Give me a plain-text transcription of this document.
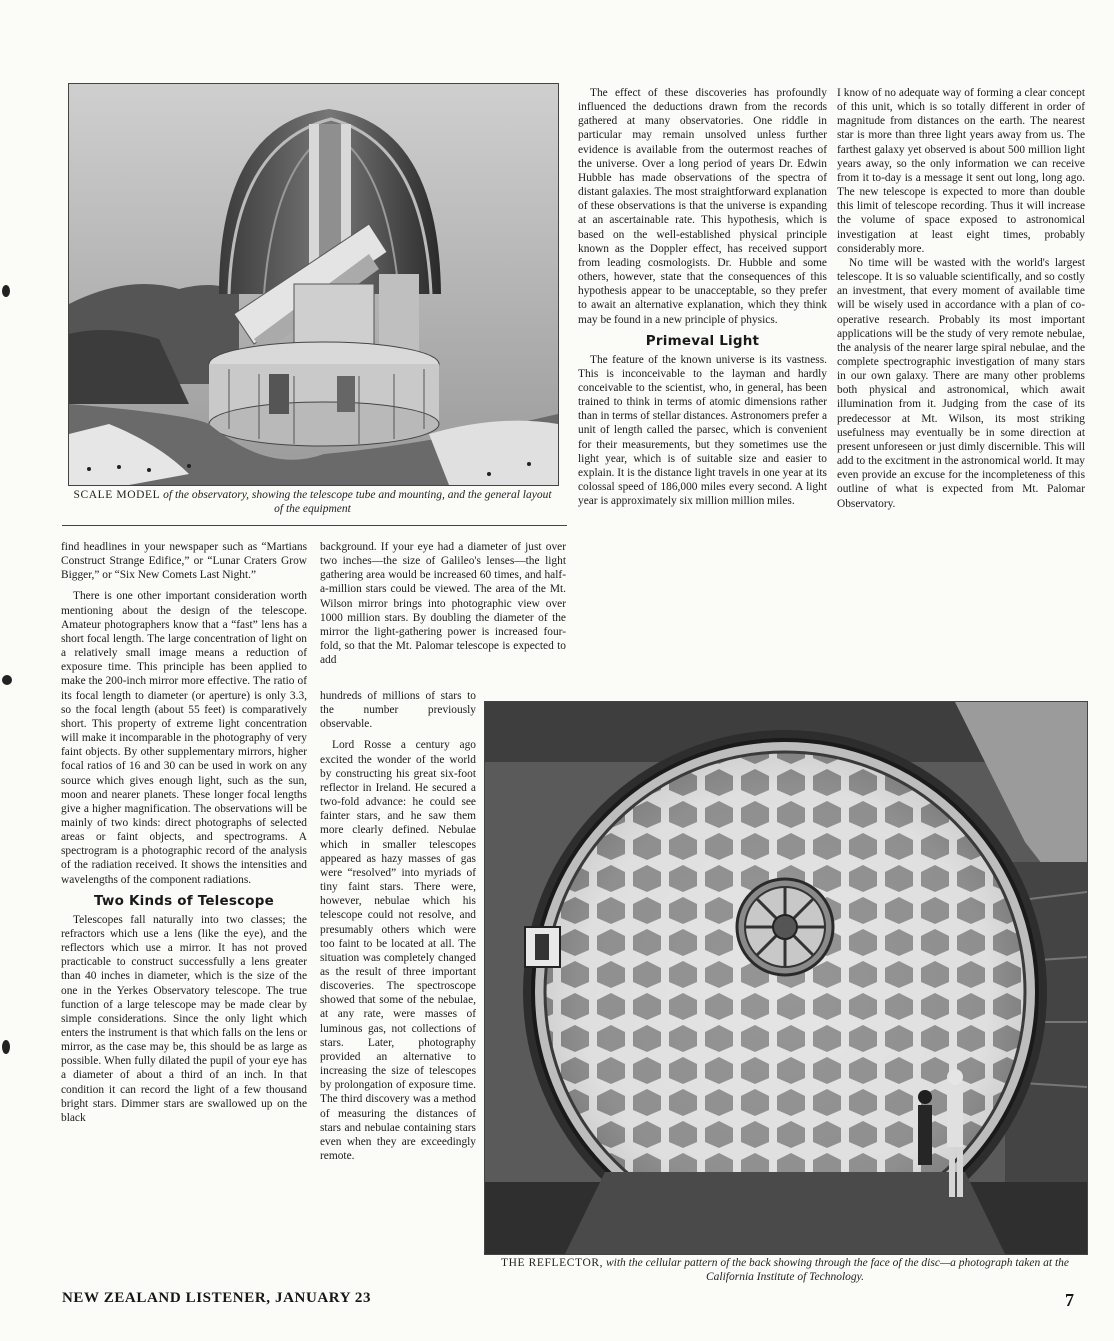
SCALE MODEL of the observatory, showing the telescope tube and mounting, and the general layout of the equipment

The effect of these discoveries has profoundly influenced the deductions drawn from the records gathered at many observatories. One riddle in particular may remain unsolved unless further evidence is available from the outermost reaches of the universe. Over a long period of years Dr. Edwin Hubble has made observations of the spectra of distant galaxies. The most straightforward explanation of these observations is that the universe is expanding at an ascertainable rate. This hypothesis, which is based on the well-established physical principle known as the Doppler effect, has received support from leading cosmologists. Dr. Hubble and some others, however, state that the consequences of this hypothesis appear to be unacceptable, so they prefer to await an alternative explanation, which they think may be found in a new principle of physics.

Primeval Light

The feature of the known universe is its vastness. This is inconceivable to the layman and hardly conceivable to the scientist, who, in general, has been trained to think in terms of atomic dimensions rather than in terms of stellar distances. Astronomers prefer a unit of length called the parsec, which is convenient for their measurements, but they sometimes use the light year, which is of suitable size and easier to explain. It is the distance light travels in one year at its colossal speed of 186,000 miles every second. A light year is approximately six million million miles.

I know of no adequate way of forming a clear concept of this unit, which is so totally different in order of magnitude from distances on the earth. The nearest star is more than three light years away from us. The farthest galaxy yet observed is about 500 million light years away, so the only information we can receive from it to-day is a message it sent out long, long ago. The new telescope is expected to more than double this limit of telescope recording. Thus it will increase the volume of space exposed to astronomical investigation at least eight times, probably considerably more.

No time will be wasted with the world's largest telescope. It is so valuable scientifically, and so costly an investment, that every moment of available time will be wisely used in accordance with a plan of co-operative research. Probably its most important applications will be the study of very remote nebulae, the analysis of the nearer large spiral nebulae, and the complete spectrographic investigation of many stars in our own galaxy. There are many other problems both physical and astronomical, which await illumination from it. Judging from the case of its predecessor at Mt. Wilson, its most striking usefulness may eventually be in some direction at present unforeseen or just dimly discernible. This will add to the excitment in the astronomical world. It may even provide an excuse for the incompleteness of this outline of what is expected from Mt. Palomar Observatory.

find headlines in your newspaper such as “Martians Construct Strange Edifice,” or “Lunar Craters Grow Bigger,” or “Six New Comets Last Night.”

There is one other important consideration worth mentioning about the design of the telescope. Amateur photographers know that a “fast” lens has a short focal length. The large concentration of light on a relatively small image means a reduction of exposure time. This principle has been applied to make the 200-inch mirror more effective. The ratio of its focal length to diameter (or aperture) is only 3.3, so the focal length (about 55 feet) is comparatively short. This property of extreme light concentration will make it incomparable in the photography of very faint objects. By other supplementary mirrors, higher focal ratios of 16 and 30 can be used in work on any source which gives enough light, such as the sun, moon and nearer planets. These longer focal lengths give a higher magnification. The observations will be mainly of two kinds: direct photographs of selected areas or faint objects, and spectrograms. A spectrogram is a photographic record of the analysis of the radiation received. It shows the intensities and wavelengths of the component radiations.

Two Kinds of Telescope

Telescopes fall naturally into two classes; the refractors which use a lens (like the eye), and the reflectors which use a mirror. It has not proved practicable to construct successfully a lens greater than 40 inches in diameter, which is the size of the one in the Yerkes Observatory telescope. The true function of a large telescope may be made clear by simple considerations. Since the only light which enters the instrument is that which falls on the lens or mirror, as the case may be, this should be as large as possible. When fully dilated the pupil of your eye has a diameter of about a third of an inch. In that condition it can record the light of a few thousand bright stars. Dimmer stars are swallowed up on the black

background. If your eye had a diameter of just over two inches—the size of Galileo's lenses—the light gathering area would be increased 60 times, and half-a-million stars could be viewed. The area of the Mt. Wilson mirror brings into photographic view over 1000 million stars. By doubling the diameter of the mirror the light-gathering power is increased four-fold, so that the Mt. Palomar telescope is expected to add

hundreds of millions of stars to the number previously observable.

Lord Rosse a century ago excited the wonder of the world by constructing his great six-foot reflector in Ireland. He secured a two-fold advance: he could see fainter stars, and he saw them more clearly defined. Nebulae which in smaller telescopes appeared as hazy masses of gas were “resolved” into myriads of tiny faint stars. There were, however, nebulae which his telescope could not resolve, and presumably others which were too faint to be located at all. The situation was completely changed as the result of three important discoveries. The spectroscope showed that some of the nebulae, at any rate, were masses of luminous gas, not collections of stars. Later, photography provided an alternative to increasing the size of telescopes by prolongation of exposure time. The third discovery was a method of measuring the distances of stars and nebulae containing stars even when they are exceedingly remote.

THE REFLECTOR, with the cellular pattern of the back showing through the face of the disc—a photograph taken at the California Institute of Technology.

NEW ZEALAND LISTENER, JANUARY 23	7
